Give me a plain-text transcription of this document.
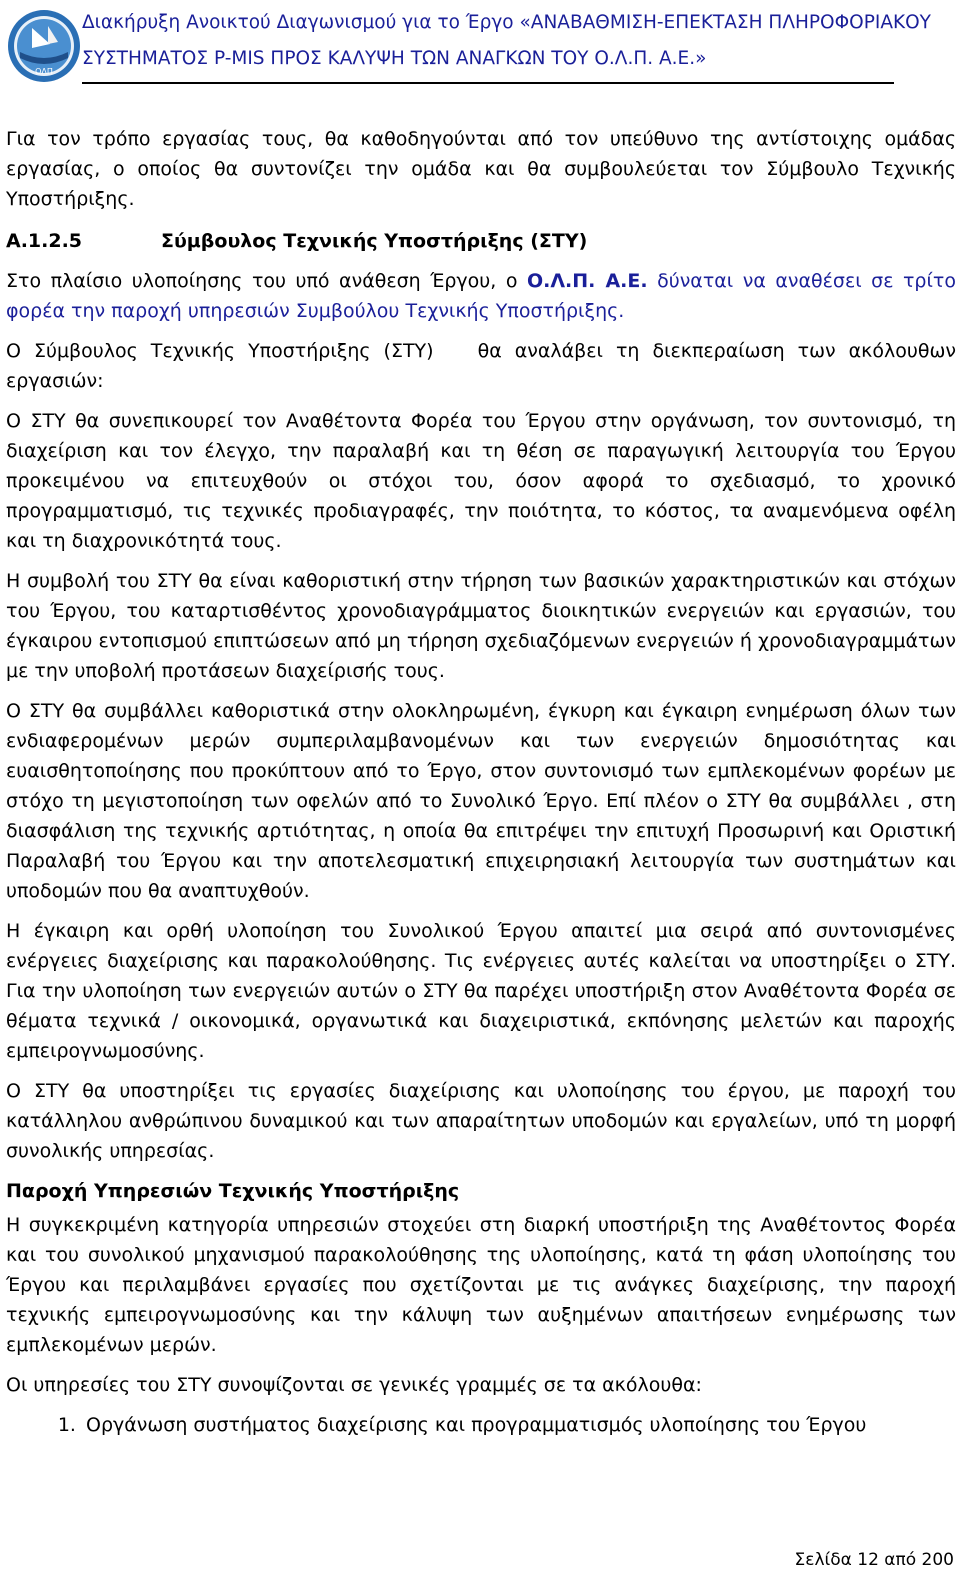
ΟΛΠ
Διακήρυξη Ανοικτού Διαγωνισμού για το Έργο «ΑΝΑΒΑΘΜΙΣΗ-ΕΠΕΚΤΑΣΗ ΠΛΗΡΟΦΟΡΙΑΚΟΥ
ΣΥΣΤΗΜΑΤΟΣ P-MIS ΠΡΟΣ ΚΑΛΥΨΗ ΤΩΝ ΑΝΑΓΚΩΝ ΤΟΥ Ο.Λ.Π. Α.Ε.»

Για τον τρόπο εργασίας τους, θα καθοδηγούνται από τον υπεύθυνο της αντίστοιχης ομάδας εργασίας, ο οποίος θα συντονίζει την ομάδα και θα συμβουλεύεται τον Σύμβουλο Τεχνικής Υποστήριξης.

Α.1.2.5	Σύμβουλος Τεχνικής Υποστήριξης (ΣΤΥ)

Στο πλαίσιο υλοποίησης του υπό ανάθεση Έργου, ο Ο.Λ.Π. Α.Ε. δύναται να αναθέσει σε τρίτο φορέα την παροχή υπηρεσιών Συμβούλου Τεχνικής Υποστήριξης.

Ο Σύμβουλος Τεχνικής Υποστήριξης (ΣΤΥ) θα αναλάβει τη διεκπεραίωση των ακόλουθων εργασιών:

Ο ΣΤΥ θα συνεπικουρεί τον Αναθέτοντα Φορέα του Έργου στην οργάνωση, τον συντονισμό, τη διαχείριση και τον έλεγχο, την παραλαβή και τη θέση σε παραγωγική λειτουργία του Έργου προκειμένου να επιτευχθούν οι στόχοι του, όσον αφορά το σχεδιασμό, το χρονικό προγραμματισμό, τις τεχνικές προδιαγραφές, την ποιότητα, το κόστος, τα αναμενόμενα οφέλη και τη διαχρονικότητά τους.

Η συμβολή του ΣΤΥ θα είναι καθοριστική στην τήρηση των βασικών χαρακτηριστικών και στόχων του Έργου, του καταρτισθέντος χρονοδιαγράμματος διοικητικών ενεργειών και εργασιών, του έγκαιρου εντοπισμού επιπτώσεων από μη τήρηση σχεδιαζόμενων ενεργειών ή χρονοδιαγραμμάτων με την υποβολή προτάσεων διαχείρισής τους.

Ο ΣΤΥ θα συμβάλλει καθοριστικά στην ολοκληρωμένη, έγκυρη και έγκαιρη ενημέρωση όλων των ενδιαφερομένων μερών συμπεριλαμβανομένων και των ενεργειών δημοσιότητας και ευαισθητοποίησης που προκύπτουν από το Έργο, στον συντονισμό των εμπλεκομένων φορέων με στόχο τη μεγιστοποίηση των οφελών από το Συνολικό Έργο. Επί πλέον ο ΣΤΥ θα συμβάλλει , στη διασφάλιση της τεχνικής αρτιότητας, η οποία θα επιτρέψει την επιτυχή Προσωρινή και Οριστική Παραλαβή του Έργου και την αποτελεσματική επιχειρησιακή λειτουργία των συστημάτων και υποδομών που θα αναπτυχθούν.

Η έγκαιρη και ορθή υλοποίηση του Συνολικού Έργου απαιτεί μια σειρά από συντονισμένες ενέργειες διαχείρισης και παρακολούθησης. Τις ενέργειες αυτές καλείται να υποστηρίξει ο ΣΤΥ. Για την υλοποίηση των ενεργειών αυτών ο ΣΤΥ θα παρέχει υποστήριξη στον Αναθέτοντα Φορέα σε θέματα τεχνικά / οικονομικά, οργανωτικά και διαχειριστικά, εκπόνησης μελετών και παροχής εμπειρογνωμοσύνης.

Ο ΣΤΥ θα υποστηρίξει τις εργασίες διαχείρισης και υλοποίησης του έργου, με παροχή του κατάλληλου ανθρώπινου δυναμικού και των απαραίτητων υποδομών και εργαλείων, υπό τη μορφή συνολικής υπηρεσίας.

Παροχή Υπηρεσιών Τεχνικής Υποστήριξης

Η συγκεκριμένη κατηγορία υπηρεσιών στοχεύει στη διαρκή υποστήριξη της Αναθέτοντος Φορέα και του συνολικού μηχανισμού παρακολούθησης της υλοποίησης, κατά τη φάση υλοποίησης του Έργου και περιλαμβάνει εργασίες που σχετίζονται με τις ανάγκες διαχείρισης, την παροχή τεχνικής εμπειρογνωμοσύνης και την κάλυψη των αυξημένων απαιτήσεων ενημέρωσης των εμπλεκομένων μερών.

Οι υπηρεσίες του ΣΤΥ συνοψίζονται σε γενικές γραμμές σε τα ακόλουθα:

1. Οργάνωση συστήματος διαχείρισης και προγραμματισμός υλοποίησης του Έργου
Σελίδα 12 από 200
